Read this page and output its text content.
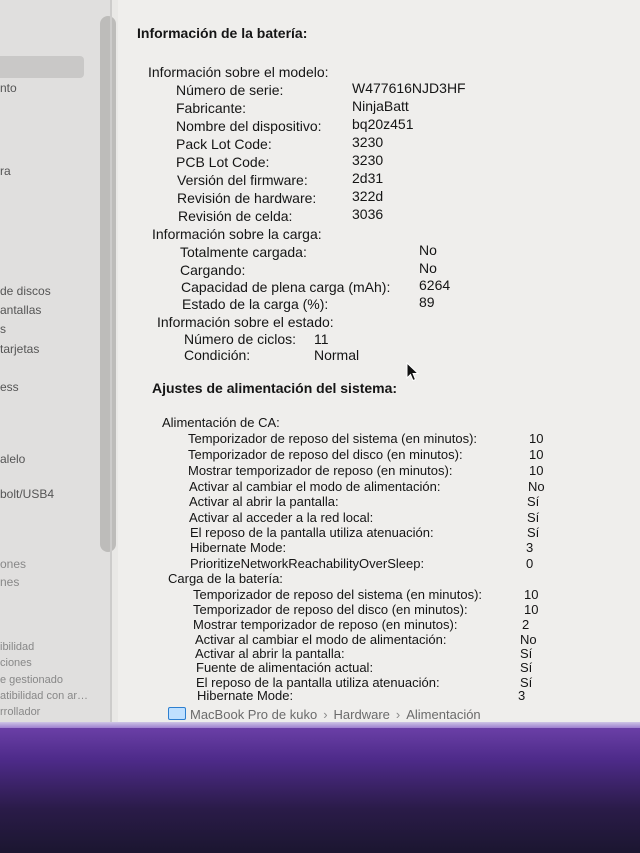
nto
ra
de discos
antallas
s
tarjetas
ess
alelo
bolt/USB4
ones
nes
ibilidad
ciones
e gestionado
atibilidad con ar…
rrollador
Información de la batería:
Información sobre el modelo:
Número de serie:	W477616NJD3HF
Fabricante:	NinjaBatt
Nombre del dispositivo: bq20z451
Pack Lot Code:	3230
PCB Lot Code:	3230
Versión del firmware:	2d31
Revisión de hardware:	322d
Revisión de celda:	3036
Información sobre la carga:
Totalmente cargada:	No
Cargando:	No
Capacidad de plena carga (mAh): 6264
Estado de la carga (%):	89
Información sobre el estado:
Número de ciclos: 11
Condición:	Normal
Ajustes de alimentación del sistema:
Alimentación de CA:
Temporizador de reposo del sistema (en minutos):	10
Temporizador de reposo del disco (en minutos):	10
Mostrar temporizador de reposo (en minutos):	10
Activar al cambiar el modo de alimentación:	No
Activar al abrir la pantalla:	Sí
Activar al acceder a la red local:	Sí
El reposo de la pantalla utiliza atenuación:	Sí
Hibernate Mode:	3
PrioritizeNetworkReachabilityOverSleep:	0
Carga de la batería:
Temporizador de reposo del sistema (en minutos):	10
Temporizador de reposo del disco (en minutos):	10
Mostrar temporizador de reposo (en minutos):	2
Activar al cambiar el modo de alimentación:	No
Activar al abrir la pantalla:	Sí
Fuente de alimentación actual:	Sí
El reposo de la pantalla utiliza atenuación:	Sí
Hibernate Mode:	3
MacBook Pro de kuko › Hardware › Alimentación
